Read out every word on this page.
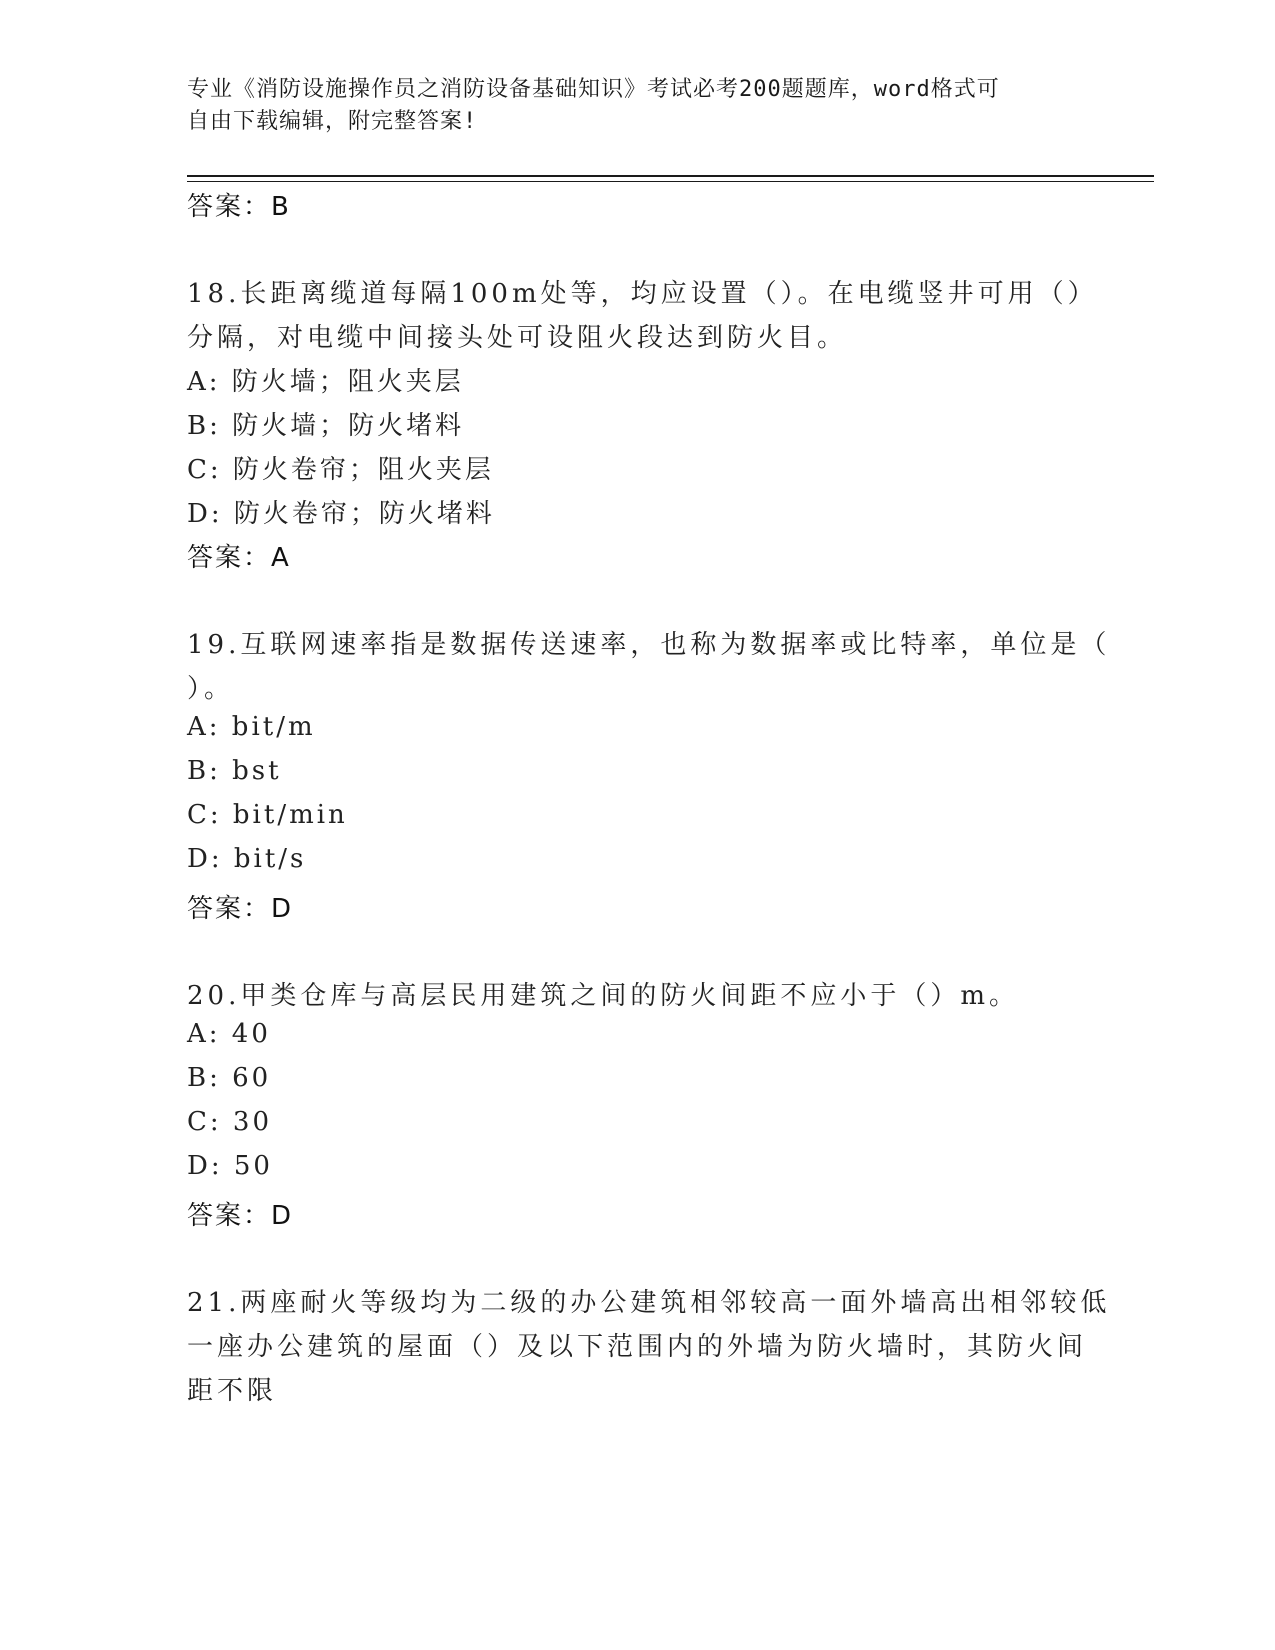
专业《消防设施操作员之消防设备基础知识》考试必考200题题库，word格式可
自由下载编辑，附完整答案!
答案：B
18.长距离缆道每隔100m处等，均应设置（）。在电缆竖井可用（）
分隔，对电缆中间接头处可设阻火段达到防火目。
A: 防火墙；阻火夹层
B: 防火墙；防火堵料
C: 防火卷帘；阻火夹层
D: 防火卷帘；防火堵料
答案：A
19.互联网速率指是数据传送速率，也称为数据率或比特率，单位是（
）。
A: bit/m
B: bst
C: bit/min
D: bit/s
答案：D
20.甲类仓库与高层民用建筑之间的防火间距不应小于（）m。
A: 40
B: 60
C: 30
D: 50
答案：D
21.两座耐火等级均为二级的办公建筑相邻较高一面外墙高出相邻较低
一座办公建筑的屋面（）及以下范围内的外墙为防火墙时，其防火间
距不限
